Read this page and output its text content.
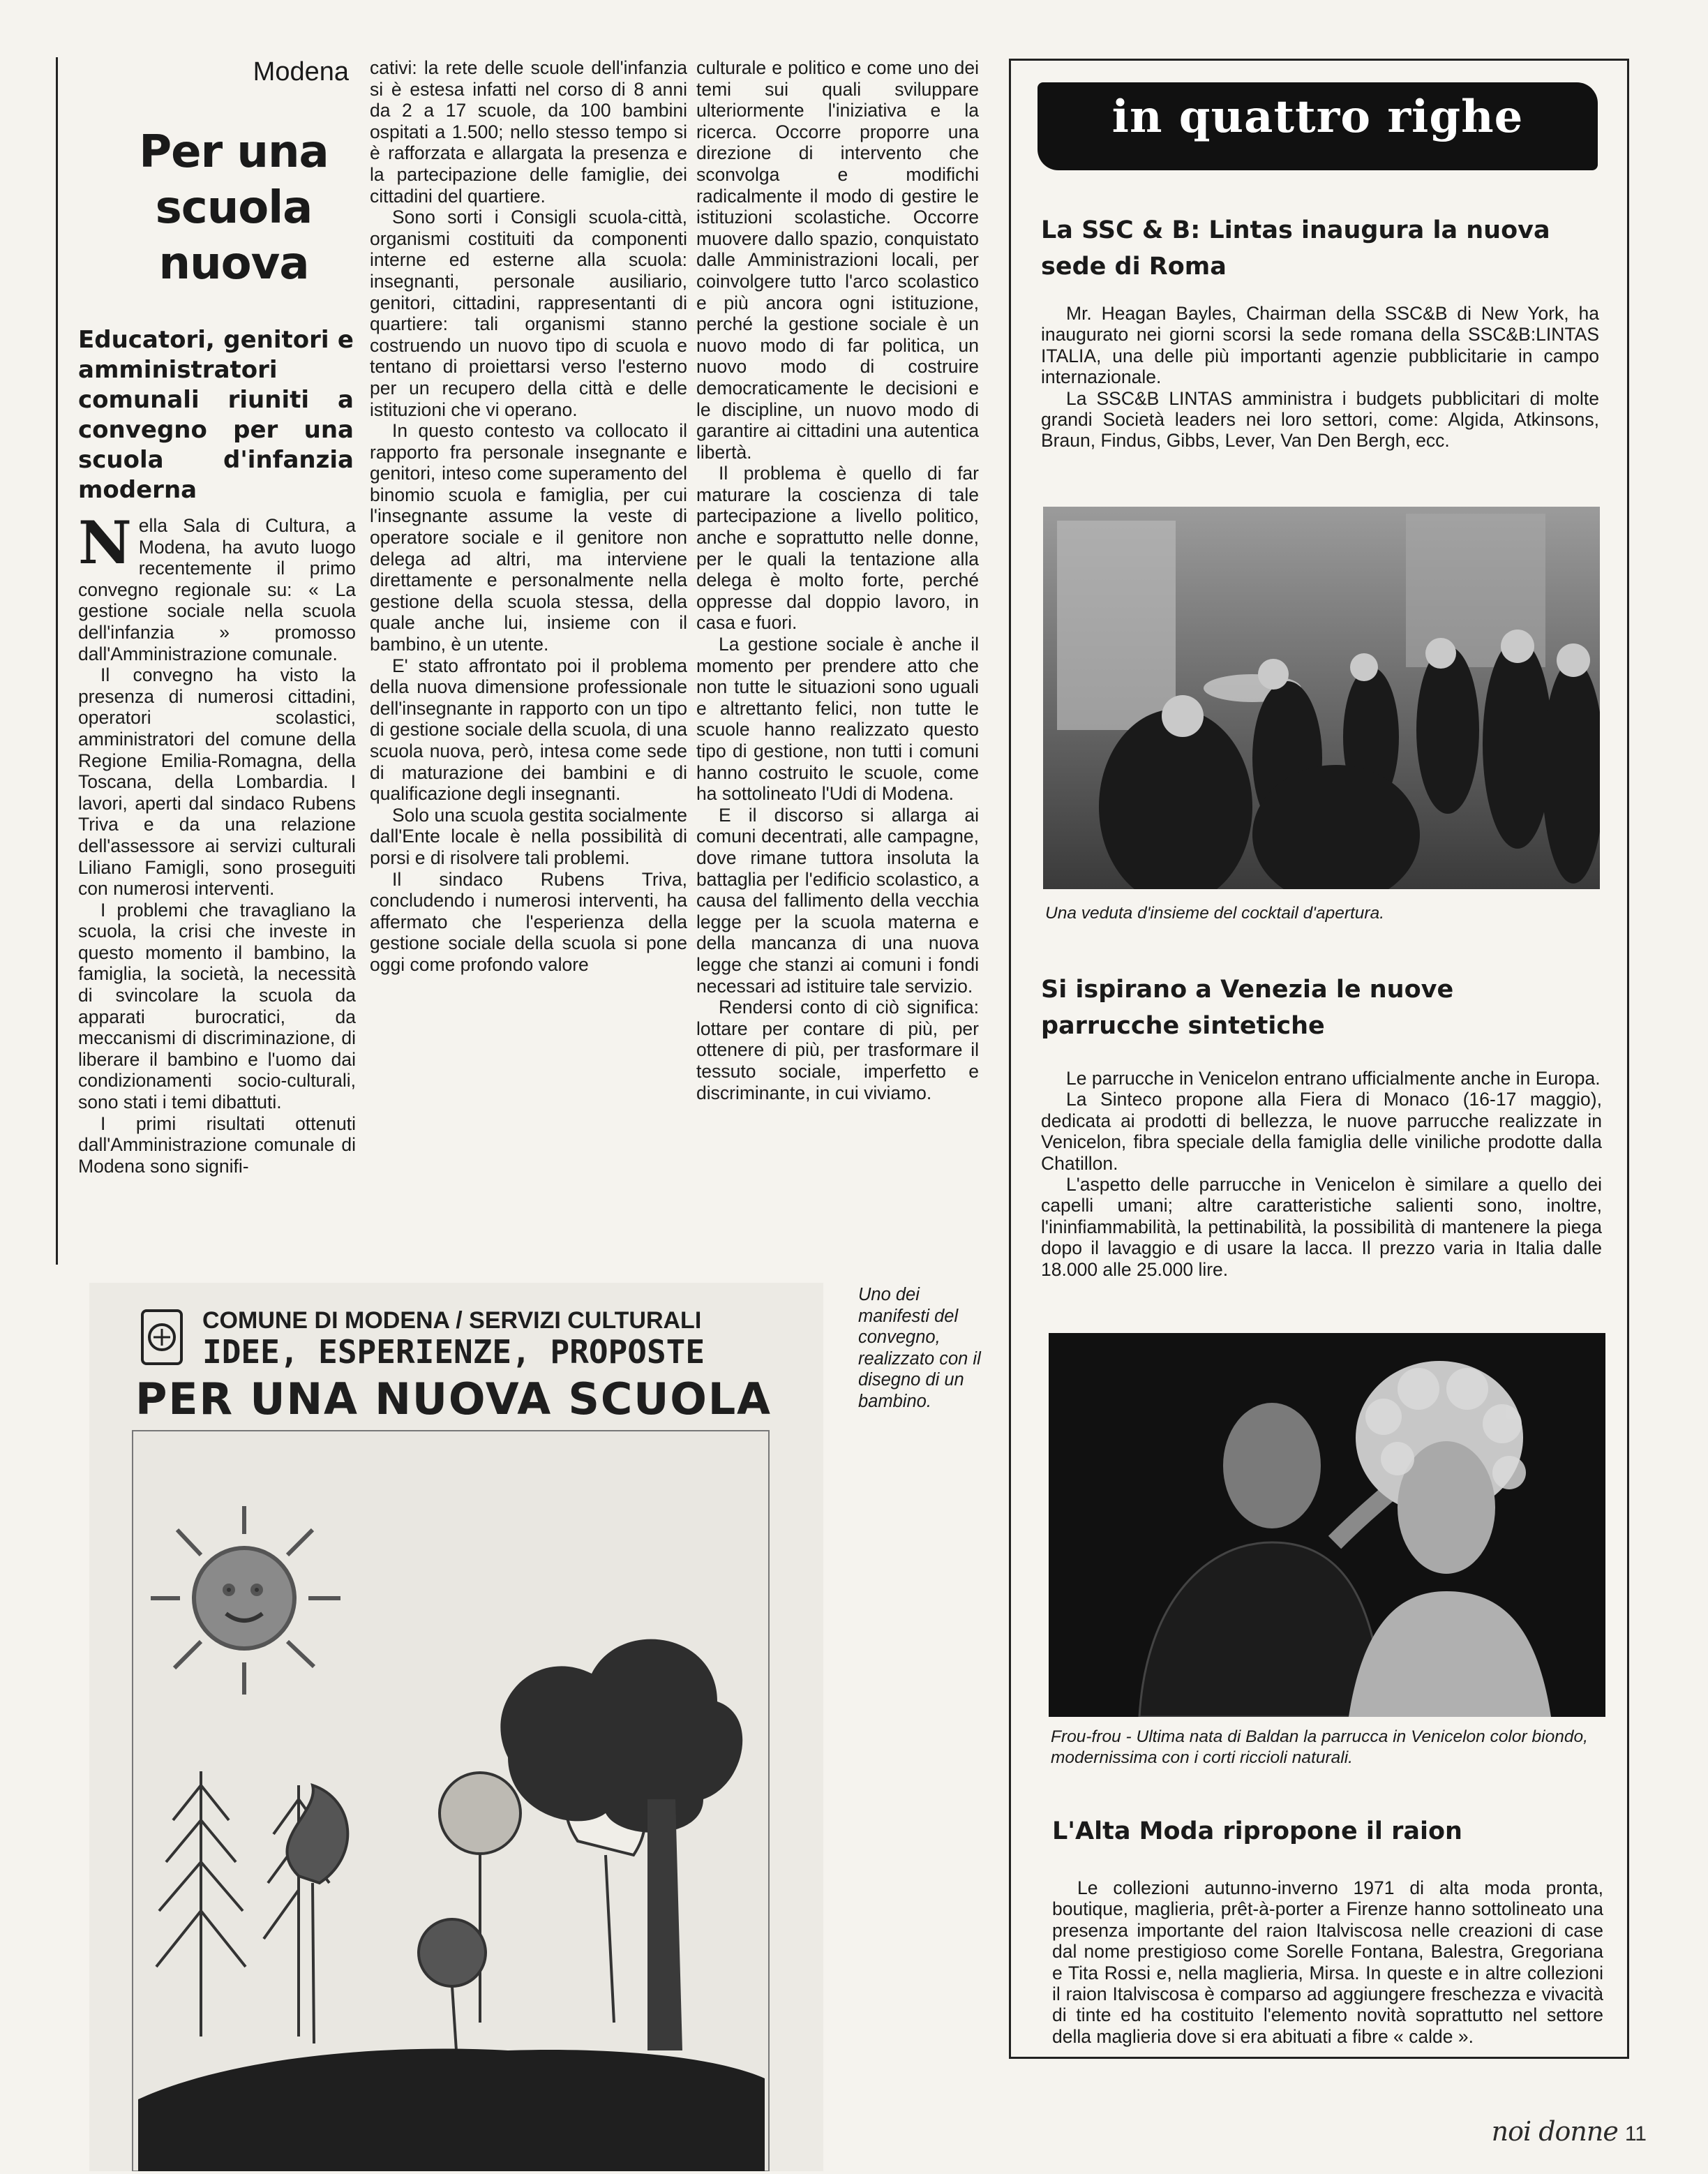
Modena
Per una scuola nuova
Educatori, genitori e amministratori comunali riuniti a convegno per una scuola d'infanzia moderna

Nella Sala di Cultura, a Modena, ha avuto luogo recentemente il primo convegno regionale su: « La gestione sociale nella scuola dell'infanzia » promosso dall'Amministrazione comunale.

Il convegno ha visto la presenza di numerosi cittadini, operatori scolastici, amministratori del comune della Regione Emilia-Romagna, della Toscana, della Lombardia. I lavori, aperti dal sindaco Rubens Triva e da una relazione dell'assessore ai servizi culturali Liliano Famigli, sono proseguiti con numerosi interventi.

I problemi che travagliano la scuola, la crisi che investe in questo momento il bambino, la famiglia, la società, la necessità di svincolare la scuola da apparati burocratici, da meccanismi di discriminazione, di liberare il bambino e l'uomo dai condizionamenti socio-culturali, sono stati i temi dibattuti.

I primi risultati ottenuti dall'Amministrazione comunale di Modena sono signifi-

cativi: la rete delle scuole dell'infanzia si è estesa infatti nel corso di 8 anni da 2 a 17 scuole, da 100 bambini ospitati a 1.500; nello stesso tempo si è rafforzata e allargata la presenza e la partecipazione delle famiglie, dei cittadini del quartiere.

Sono sorti i Consigli scuola-città, organismi costituiti da componenti interne ed esterne alla scuola: insegnanti, personale ausiliario, genitori, cittadini, rappresentanti di quartiere: tali organismi stanno costruendo un nuovo tipo di scuola e tentano di proiettarsi verso l'esterno per un recupero della città e delle istituzioni che vi operano.

In questo contesto va collocato il rapporto fra personale insegnante e genitori, inteso come superamento del binomio scuola e famiglia, per cui l'insegnante assume la veste di operatore sociale e il genitore non delega ad altri, ma interviene direttamente e personalmente nella gestione della scuola stessa, della quale anche lui, insieme con il bambino, è un utente.

E' stato affrontato poi il problema della nuova dimensione professionale dell'insegnante in rapporto con un tipo di gestione sociale della scuola, di una scuola nuova, però, intesa come sede di maturazione dei bambini e di qualificazione degli insegnanti.

Solo una scuola gestita socialmente dall'Ente locale è nella possibilità di porsi e di risolvere tali problemi.

Il sindaco Rubens Triva, concludendo i numerosi interventi, ha affermato che l'esperienza della gestione sociale della scuola si pone oggi come profondo valore

culturale e politico e come uno dei temi sui quali sviluppare ulteriormente l'iniziativa e la ricerca. Occorre proporre una direzione di intervento che sconvolga e modifichi radicalmente il modo di gestire le istituzioni scolastiche. Occorre muovere dallo spazio, conquistato dalle Amministrazioni locali, per coinvolgere tutto l'arco scolastico e più ancora ogni istituzione, perché la gestione sociale è un nuovo modo di far politica, un nuovo modo di costruire democraticamente le decisioni e le discipline, un nuovo modo di garantire ai cittadini una autentica libertà.

Il problema è quello di far maturare la coscienza di tale partecipazione a livello politico, anche e soprattutto nelle donne, per le quali la tentazione alla delega è molto forte, perché oppresse dal doppio lavoro, in casa e fuori.

La gestione sociale è anche il momento per prendere atto che non tutte le situazioni sono uguali e altrettanto felici, non tutte le scuole hanno realizzato questo tipo di gestione, non tutti i comuni hanno costruito le scuole, come ha sottolineato l'Udi di Modena.

E il discorso si allarga ai comuni decentrati, alle campagne, dove rimane tuttora insoluta la battaglia per l'edificio scolastico, a causa del fallimento della vecchia legge per la scuola materna e della mancanza di una nuova legge che stanzi ai comuni i fondi necessari ad istituire tale servizio.

Rendersi conto di ciò significa: lottare per contare di più, per ottenere di più, per trasformare il tessuto sociale, imperfetto e discriminante, in cui viviamo.

COMUNE DI MODENA / SERVIZI CULTURALI
IDEE, ESPERIENZE, PROPOSTE
PER UNA NUOVA SCUOLA
Uno dei manifesti del convegno, realizzato con il disegno di un bambino.
in quattro righe
La SSC & B: Lintas inaugura la nuova sede di Roma

Mr. Heagan Bayles, Chairman della SSC&B di New York, ha inaugurato nei giorni scorsi la sede romana della SSC&B:LINTAS ITALIA, una delle più importanti agenzie pubblicitarie in campo internazionale.

La SSC&B LINTAS amministra i budgets pubblicitari di molte grandi Società leaders nei loro settori, come: Algida, Atkinsons, Braun, Findus, Gibbs, Lever, Van Den Bergh, ecc.

Una veduta d'insieme del cocktail d'apertura.
Si ispirano a Venezia le nuove parrucche sintetiche

Le parrucche in Venicelon entrano ufficialmente anche in Europa.

La Sinteco propone alla Fiera di Monaco (16-17 maggio), dedicata ai prodotti di bellezza, le nuove parrucche realizzate in Venicelon, fibra speciale della famiglia delle viniliche prodotte dalla Chatillon.

L'aspetto delle parrucche in Venicelon è similare a quello dei capelli umani; altre caratteristiche salienti sono, inoltre, l'ininfiammabilità, la pettinabilità, la possibilità di mantenere la piega dopo il lavaggio e di usare la lacca. Il prezzo varia in Italia dalle 18.000 alle 25.000 lire.

Frou-frou - Ultima nata di Baldan la parrucca in Venicelon color biondo, modernissima con i corti riccioli naturali.
L'Alta Moda ripropone il raion

Le collezioni autunno-inverno 1971 di alta moda pronta, boutique, maglieria, prêt-à-porter a Firenze hanno sottolineato una presenza importante del raion Italviscosa nelle creazioni di case dal nome prestigioso come Sorelle Fontana, Balestra, Gregoriana e Tita Rossi e, nella maglieria, Mirsa. In queste e in altre collezioni il raion Italviscosa è comparso ad aggiungere freschezza e vivacità di tinte ed ha costituito l'elemento novità soprattutto nel settore della maglieria dove si era abituati a fibre « calde ».

noi donne 11
